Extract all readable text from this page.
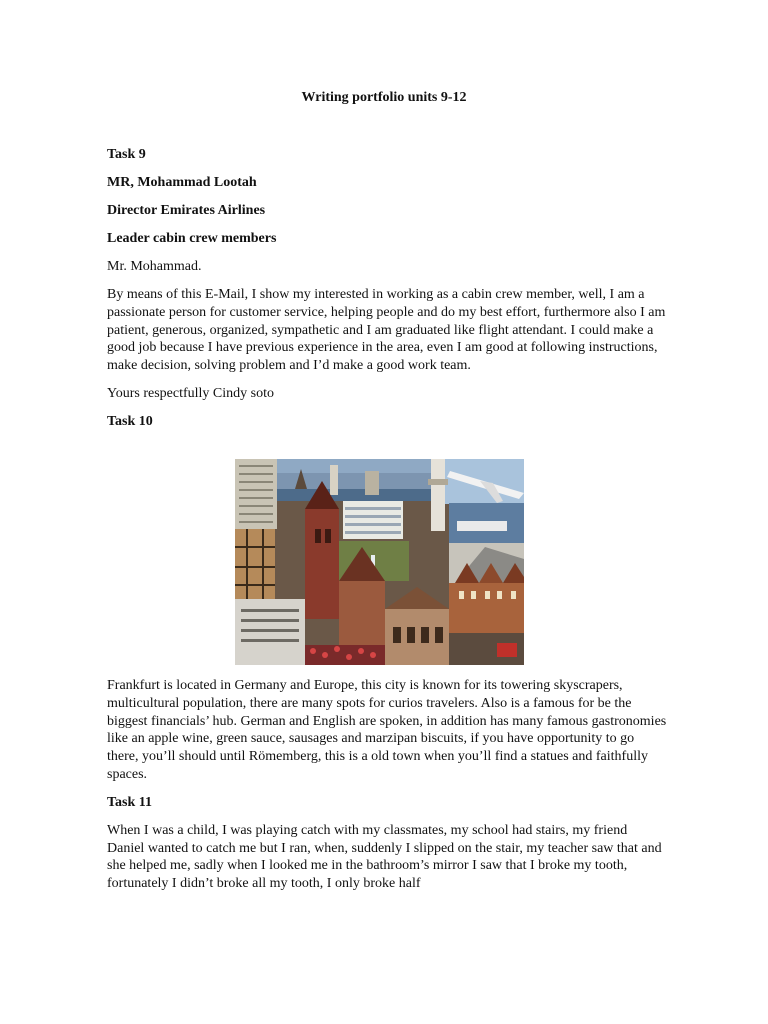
Writing portfolio units 9-12
Task 9
MR, Mohammad Lootah
Director Emirates Airlines
Leader cabin crew members
Mr. Mohammad.

By means of this E-Mail, I show my interested in working as a cabin crew member, well, I am a passionate person for customer service, helping people and do my best effort, furthermore also I am patient, generous, organized, sympathetic and I am graduated like flight attendant. I could make a good job because I have previous experience in the area, even I am good at following instructions, make decision, solving problem and I’d make a good work team.

Yours respectfully Cindy soto
Task 10

Frankfurt is located in Germany and Europe, this city is known for its towering skyscrapers, multicultural population, there are many spots for curios travelers. Also is a famous for be the biggest financials’ hub. German and English are spoken, in addition has many famous gastronomies like an apple wine, green sauce, sausages and marzipan biscuits, if you have opportunity to go there, you’ll should until Römemberg, this is a old town when you’ll find a statues and faithfully spaces.

Task 11

When I was a child, I was playing catch with my classmates, my school had stairs, my friend Daniel wanted to catch me but I ran, when, suddenly I slipped on the stair, my teacher saw that and she helped me, sadly when I looked me in the bathroom’s mirror I saw that I broke my tooth, fortunately I didn’t broke all my tooth, I only broke half
